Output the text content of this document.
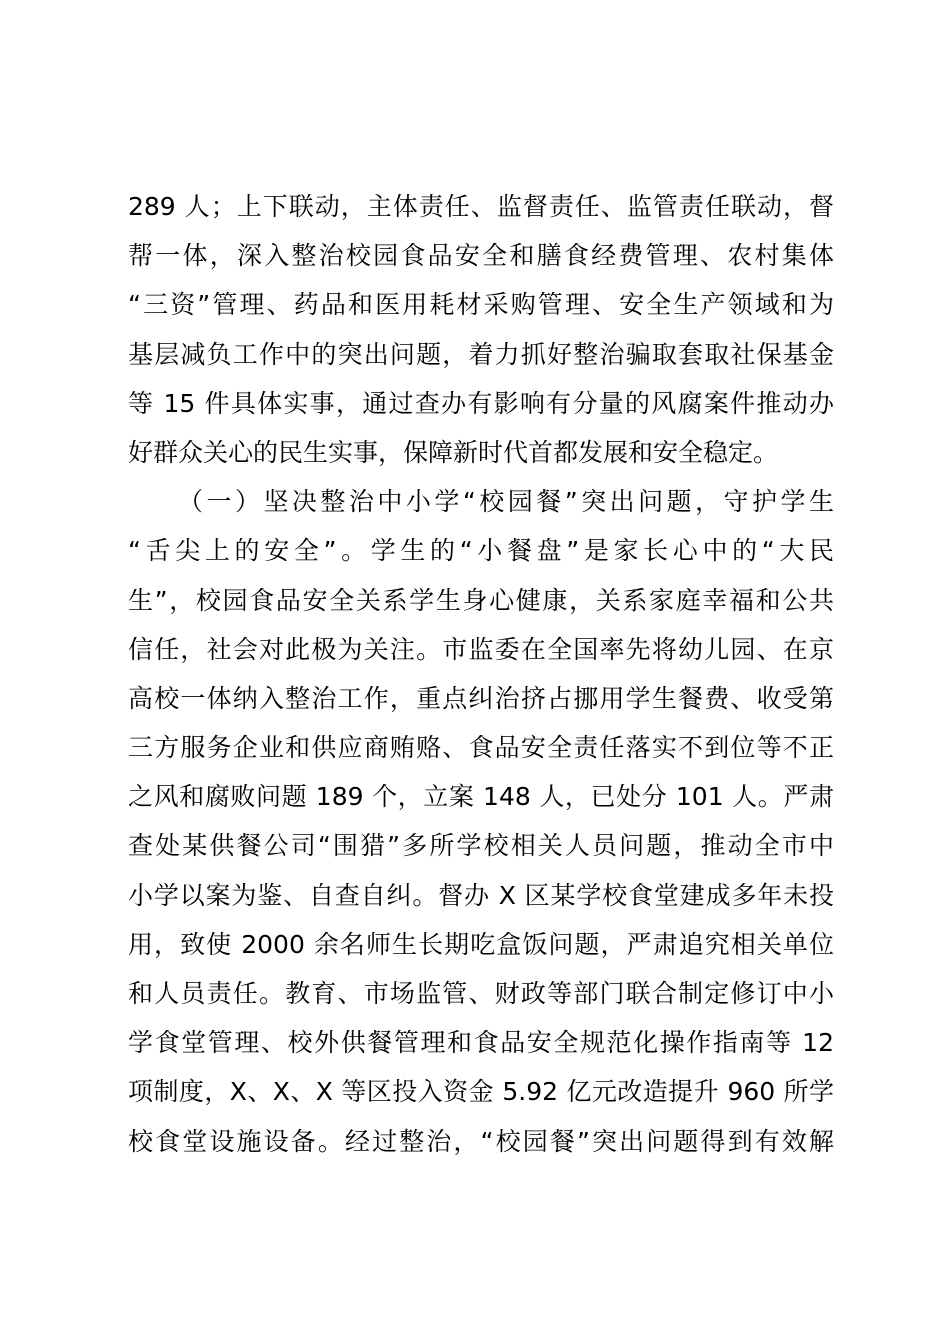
289 人；上下联动，主体责任、监督责任、监管责任联动，督
帮一体，深入整治校园食品安全和膳食经费管理、农村集体
“三资”管理、药品和医用耗材采购管理、安全生产领域和为
基层减负工作中的突出问题，着力抓好整治骗取套取社保基金
等 15 件具体实事，通过查办有影响有分量的风腐案件推动办
好群众关心的民生实事，保障新时代首都发展和安全稳定。
（一）坚决整治中小学“校园餐”突出问题，守护学生
“舌尖上的安全”。学生的“小餐盘”是家长心中的“大民
生”，校园食品安全关系学生身心健康，关系家庭幸福和公共
信任，社会对此极为关注。市监委在全国率先将幼儿园、在京
高校一体纳入整治工作，重点纠治挤占挪用学生餐费、收受第
三方服务企业和供应商贿赂、食品安全责任落实不到位等不正
之风和腐败问题 189 个，立案 148 人，已处分 101 人。严肃
查处某供餐公司“围猎”多所学校相关人员问题，推动全市中
小学以案为鉴、自查自纠。督办 X 区某学校食堂建成多年未投
用，致使 2000 余名师生长期吃盒饭问题，严肃追究相关单位
和人员责任。教育、市场监管、财政等部门联合制定修订中小
学食堂管理、校外供餐管理和食品安全规范化操作指南等 12
项制度，X、X、X 等区投入资金 5.92 亿元改造提升 960 所学
校食堂设施设备。经过整治，“校园餐”突出问题得到有效解
